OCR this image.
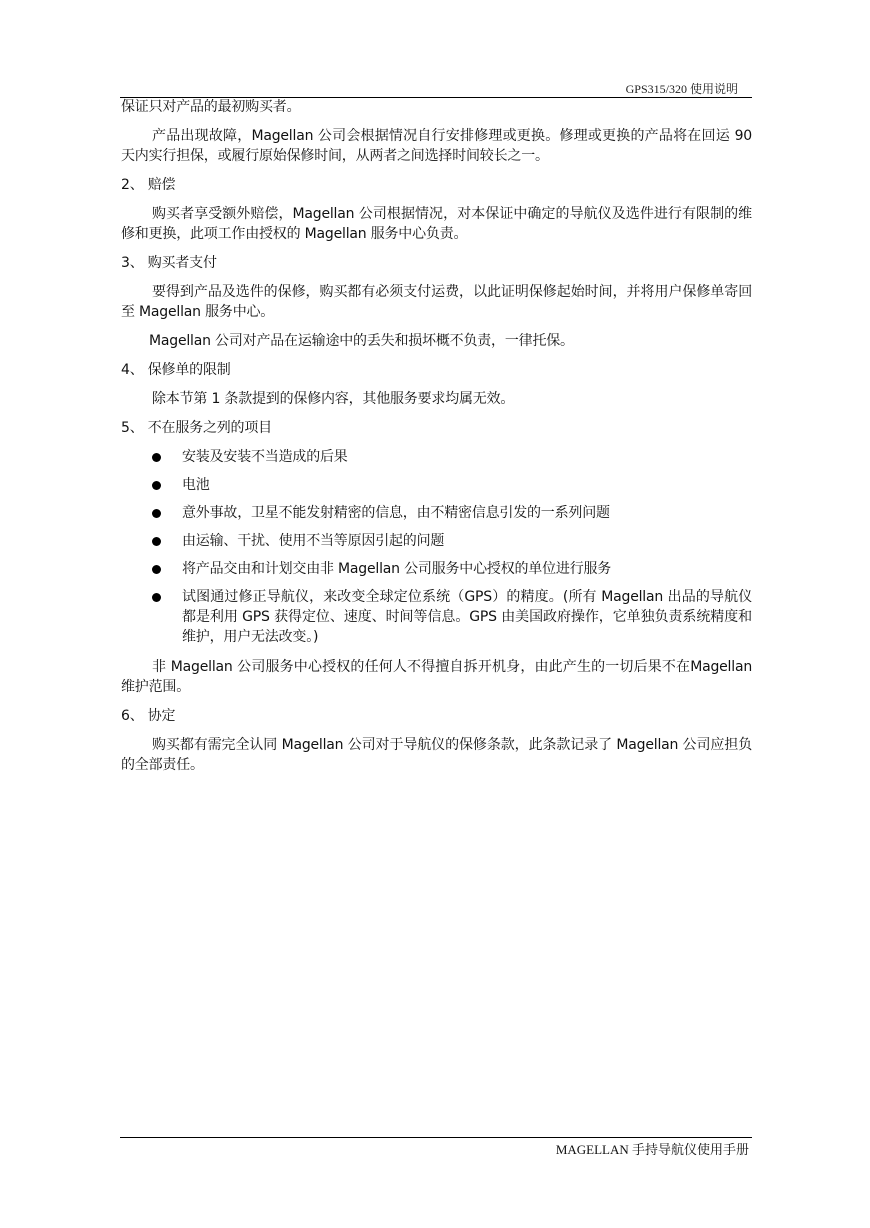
GPS315/320 使用说明

保证只对产品的最初购买者。

产品出现故障，Magellan 公司会根据情况自行安排修理或更换。修理或更换的产品将在回运 90 天内实行担保，或履行原始保修时间，从两者之间选择时间较长之一。

2、 赔偿

购买者享受额外赔偿，Magellan 公司根据情况，对本保证中确定的导航仪及选件进行有限制的维修和更换，此项工作由授权的 Magellan 服务中心负责。

3、 购买者支付

要得到产品及选件的保修，购买都有必须支付运费，以此证明保修起始时间，并将用户保修单寄回至 Magellan 服务中心。

Magellan 公司对产品在运输途中的丢失和损坏概不负责，一律托保。

4、 保修单的限制

除本节第 1 条款提到的保修内容，其他服务要求均属无效。

5、 不在服务之列的项目

安装及安装不当造成的后果
电池
意外事故，卫星不能发射精密的信息，由不精密信息引发的一系列问题
由运输、干扰、使用不当等原因引起的问题
将产品交由和计划交由非 Magellan 公司服务中心授权的单位进行服务
试图通过修正导航仪，来改变全球定位系统（GPS）的精度。(所有 Magellan 出品的导航仪都是利用 GPS 获得定位、速度、时间等信息。GPS 由美国政府操作，它单独负责系统精度和维护，用户无法改变。)

非 Magellan 公司服务中心授权的任何人不得擅自拆开机身，由此产生的一切后果不在Magellan 维护范围。

6、 协定

购买都有需完全认同 Magellan 公司对于导航仪的保修条款，此条款记录了 Magellan 公司应担负的全部责任。

MAGELLAN 手持导航仪使用手册
